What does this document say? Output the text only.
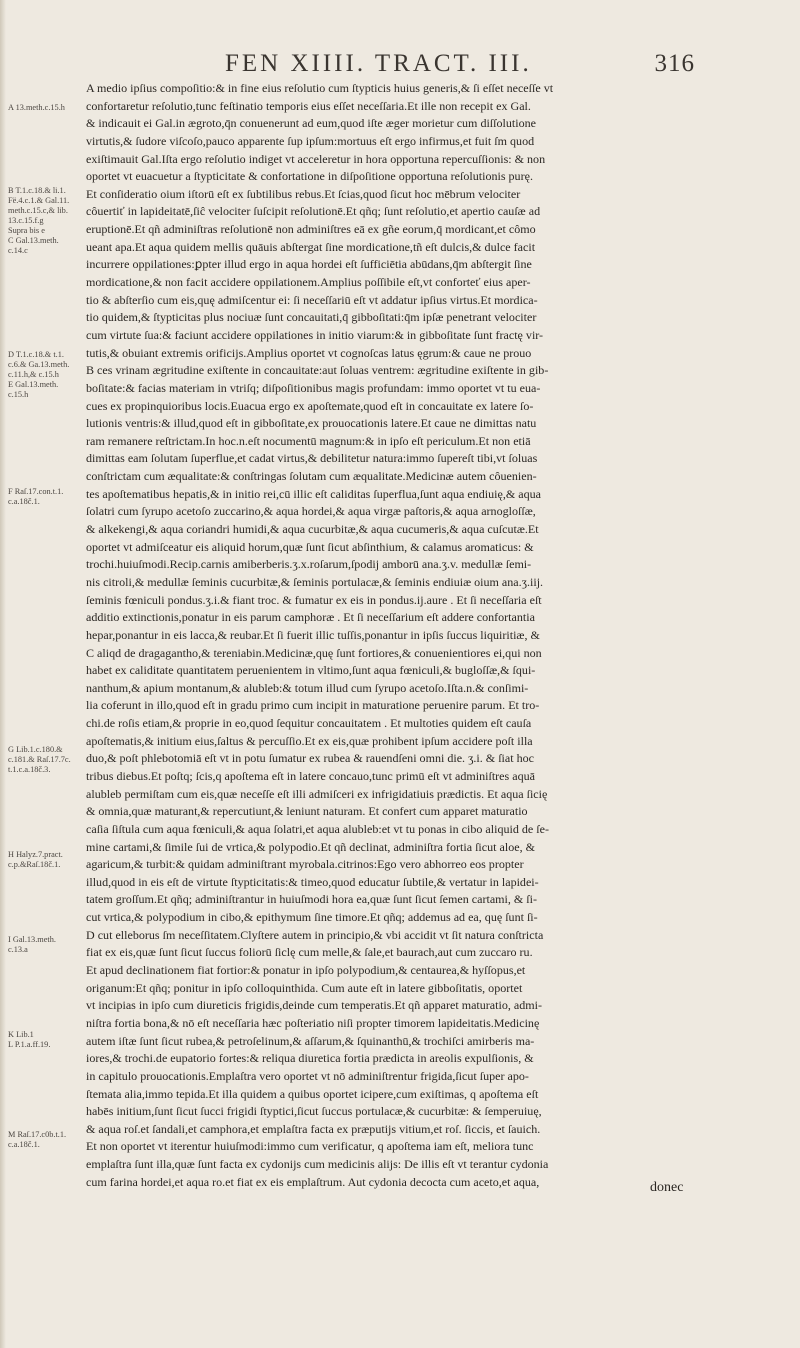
FEN XIIII. TRACT. III.	316
A 13.meth.c.15.h
B T.1.c.18.& li.1.
Fë.4.c.1.& Gal.11.
meth.c.15.c,& lib.
13.c.15.f.g
Supra bis e
C Gal.13.meth.
c.14.c
D T.1.c.18.& t.1.
c.6.& Ga.13.meth.
c.11.h,& c.15.h
E Gal.13.meth.
c.15.h
F Raſ.17.con.t.1.
c.a.18č.1.
G Lib.1.c.180.&
c.181.& Raſ.17.7c.
t.1.c.a.18č.3.
H Halyz.7.pract.
c.p.&Raſ.18č.1.
I Gal.13.meth.
c.13.a
K Lib.1
L P.1.a.ff.19.
M Raſ.17.c0b.t.1.
c.a.18č.1.
A medio ipſius compoſitio:& in fine eius reſolutio cum ſtypticis huius generis,& ſi eſſet neceſſe vt
confortaretur reſolutio,tunc feſtinatio temporis eius eſſet neceſſaria.Et ille non recepit ex Gal.
& indicauit ei Gal.in ægroto,q̄n conuenerunt ad eum,quod iſte æger morietur cum diſſolutione
virtutis,& ſudore viſcoſo,pauco apparente ſup ipſum:mortuus eſt ergo infirmus,et fuit ſm quod
exiſtimauit Gal.Iſta ergo reſolutio indiget vt acceleretur in hora opportuna repercuſſionis: & non
oportet vt euacuetur a ſtypticitate & confortatione in diſpoſitione opportuna reſolutionis purę.
Et conſideratio oium iſtorū eſt ex ſubtilibus rebus.Et ſcias,quod ſicut hoc mēbrum velociter
côuertiť in lapideitatē,ſiĉ velociter ſuſcipit reſolutionē.Et qñq; ſunt reſolutio,et apertio cauſæ ad
eruptionē.Et qñ adminiſtras reſolutionē non adminiſtres eā ex gñe eorum,q̄ mordicant,et cômo
ueant apa.Et aqua quidem mellis quāuis abſtergat ſine mordicatione,tñ eſt dulcis,& dulce facit
incurrere oppilationes:ꝑpter illud ergo in aqua hordei eſt ſufficiētia abūdans,q̄m abſtergit ſine
mordicatione,& non facit accidere oppilationem.Amplius poſſibile eſt,vt conforteť eius aper-
tio & abſterſio cum eis,quę admiſcentur ei: ſi neceſſariū eſt vt addatur ipſius virtus.Et mordica-
tio quidem,& ſtypticitas plus nociuæ ſunt concauitati,q̄ gibboſitati:q̄m ipſæ penetrant velociter
cum virtute ſua:& faciunt accidere oppilationes in initio viarum:& in gibboſitate ſunt fractę vir-
tutis,& obuiant extremis orificijs.Amplius oportet vt cognoſcas latus ęgrum:& caue ne prouo
B ces vrinam ægritudine exiſtente in concauitate:aut ſoluas ventrem: ægritudine exiſtente in gib-
boſitate:& facias materiam in vtriſq; diſpoſitionibus magis profundam: immo oportet vt tu eua-
cues ex propinquioribus locis.Euacua ergo ex apoſtemate,quod eſt in concauitate ex latere ſo-
lutionis ventris:& illud,quod eſt in gibboſitate,ex prouocationis latere.Et caue ne dimittas natu
ram remanere reſtrictam.In hoc.n.eſt nocumentū magnum:& in ipſo eſt periculum.Et non etiā
dimittas eam ſolutam ſuperflue,et cadat virtus,& debilitetur natura:immo ſupereſt tibi,vt ſoluas
conſtrictam cum æqualitate:& conſtringas ſolutam cum æqualitate.Medicinæ autem côuenien-
tes apoſtematibus hepatis,& in initio rei,cū illic eſt caliditas ſuperflua,ſunt aqua endiuię,& aqua
ſolatri cum ſyrupo acetoſo zuccarino,& aqua hordei,& aqua virgæ paſtoris,& aqua arnogloſſæ,
& alkekengi,& aqua coriandri humidi,& aqua cucurbitæ,& aqua cucumeris,& aqua cuſcutæ.Et
oportet vt admiſceatur eis aliquid horum,quæ ſunt ſicut abſinthium, & calamus aromaticus: &
trochi.huiuſmodi.Recip.carnis amiberberis.ʒ.x.roſarum,ſpodij amborū ana.ʒ.v. medullæ ſemi-
nis citroli,& medullæ ſeminis cucurbitæ,& ſeminis portulacæ,& ſeminis endiuiæ oium ana.ʒ.iij.
ſeminis fœniculi pondus.ʒ.i.& fiant troc. & fumatur ex eis in pondus.ij.aure . Et ſi neceſſaria eſt
additio extinctionis,ponatur in eis parum camphoræ . Et ſi neceſſarium eſt addere confortantia
hepar,ponantur in eis lacca,& reubar.Et ſi fuerit illic tuſſis,ponantur in ipſis ſuccus liquiritiæ, &
C aliqd de dragagantho,& tereniabin.Medicinæ,quę ſunt fortiores,& conuenientiores ei,qui non
habet ex caliditate quantitatem peruenientem in vltimo,ſunt aqua fœniculi,& bugloſſæ,& ſqui-
nanthum,& apium montanum,& alubleb:& totum illud cum ſyrupo acetoſo.Iſta.n.& conſimi-
lia coferunt in illo,quod eſt in gradu primo cum incipit in maturatione peruenire parum. Et tro-
chi.de roſis etiam,& proprie in eo,quod ſequitur concauitatem . Et multoties quidem eſt cauſa
apoſtematis,& initium eius,ſaltus & percuſſio.Et ex eis,quæ prohibent ipſum accidere poſt illa
duo,& poſt phlebotomiā eſt vt in potu ſumatur ex rubea & rauendſeni omni die. ʒ.i. & ſiat hoc
tribus diebus.Et poſtq; ſcis,q apoſtema eſt in latere concauo,tunc primū eſt vt adminiſtres aquā
alubleb permiſtam cum eis,quæ neceſſe eſt illi admiſceri ex infrigidatiuis prædictis. Et aqua ſicię
& omnia,quæ maturant,& repercutiunt,& leniunt naturam. Et confert cum apparet maturatio
caſia ſiſtula cum aqua fœniculi,& aqua ſolatri,et aqua alubleb:et vt tu ponas in cibo aliquid de ſe-
mine cartami,& ſimile ſui de vrtica,& polypodio.Et qñ declinat, adminiſtra fortia ſicut aloe, &
agaricum,& turbit:& quidam adminiſtrant myrobala.citrinos:Ego vero abhorreo eos propter
illud,quod in eis eſt de virtute ſtypticitatis:& timeo,quod educatur ſubtile,& vertatur in lapidei-
tatem groſſum.Et qñq; adminiſtrantur in huiuſmodi hora ea,quæ ſunt ſicut ſemen cartami, & ſi-
cut vrtica,& polypodium in cibo,& epithymum ſine timore.Et qñq; addemus ad ea, quę ſunt ſi-
D cut elleborus ſm neceſſitatem.Clyſtere autem in principio,& vbi accidit vt ſit natura conſtricta
fiat ex eis,quæ ſunt ſicut ſuccus foliorū ſiclę cum melle,& ſale,et baurach,aut cum zuccaro ru.
Et apud declinationem fiat fortior:& ponatur in ipſo polypodium,& centaurea,& hyſſopus,et
origanum:Et qñq; ponitur in ipſo colloquinthida. Cum aute eſt in latere gibboſitatis, oportet
vt incipias in ipſo cum diureticis frigidis,deinde cum temperatis.Et qñ apparet maturatio, admi-
niſtra fortia bona,& nō eſt neceſſaria hæc poſteriatio niſi propter timorem lapideitatis.Medicinę
autem iſtæ ſunt ſicut rubea,& petroſelinum,& aſſarum,& ſquinanthū,& trochiſci amirberis ma-
iores,& trochi.de eupatorio fortes:& reliqua diuretica fortia prædicta in areolis expulſionis, &
in capitulo prouocationis.Emplaſtra vero oportet vt nō adminiſtrentur frigida,ſicut ſuper apo-
ſtemata alia,immo tepida.Et illa quidem a quibus oportet icipere,cum exiſtimas, q apoſtema eſt
habēs initium,ſunt ſicut ſucci frigidi ſtyptici,ſicut ſuccus portulacæ,& cucurbitæ: & ſemperuiuę,
& aqua roſ.et ſandali,et camphora,et emplaſtra facta ex præputijs vitium,et roſ. ſiccis, et ſauich.
Et non oportet vt iterentur huiuſmodi:immo cum verificatur, q apoſtema iam eſt, meliora tunc
emplaſtra ſunt illa,quæ ſunt facta ex cydonijs cum medicinis alijs: De illis eſt vt terantur cydonia
cum farina hordei,et aqua ro.et fiat ex eis emplaſtrum. Aut cydonia decocta cum aceto,et aqua,	donec
